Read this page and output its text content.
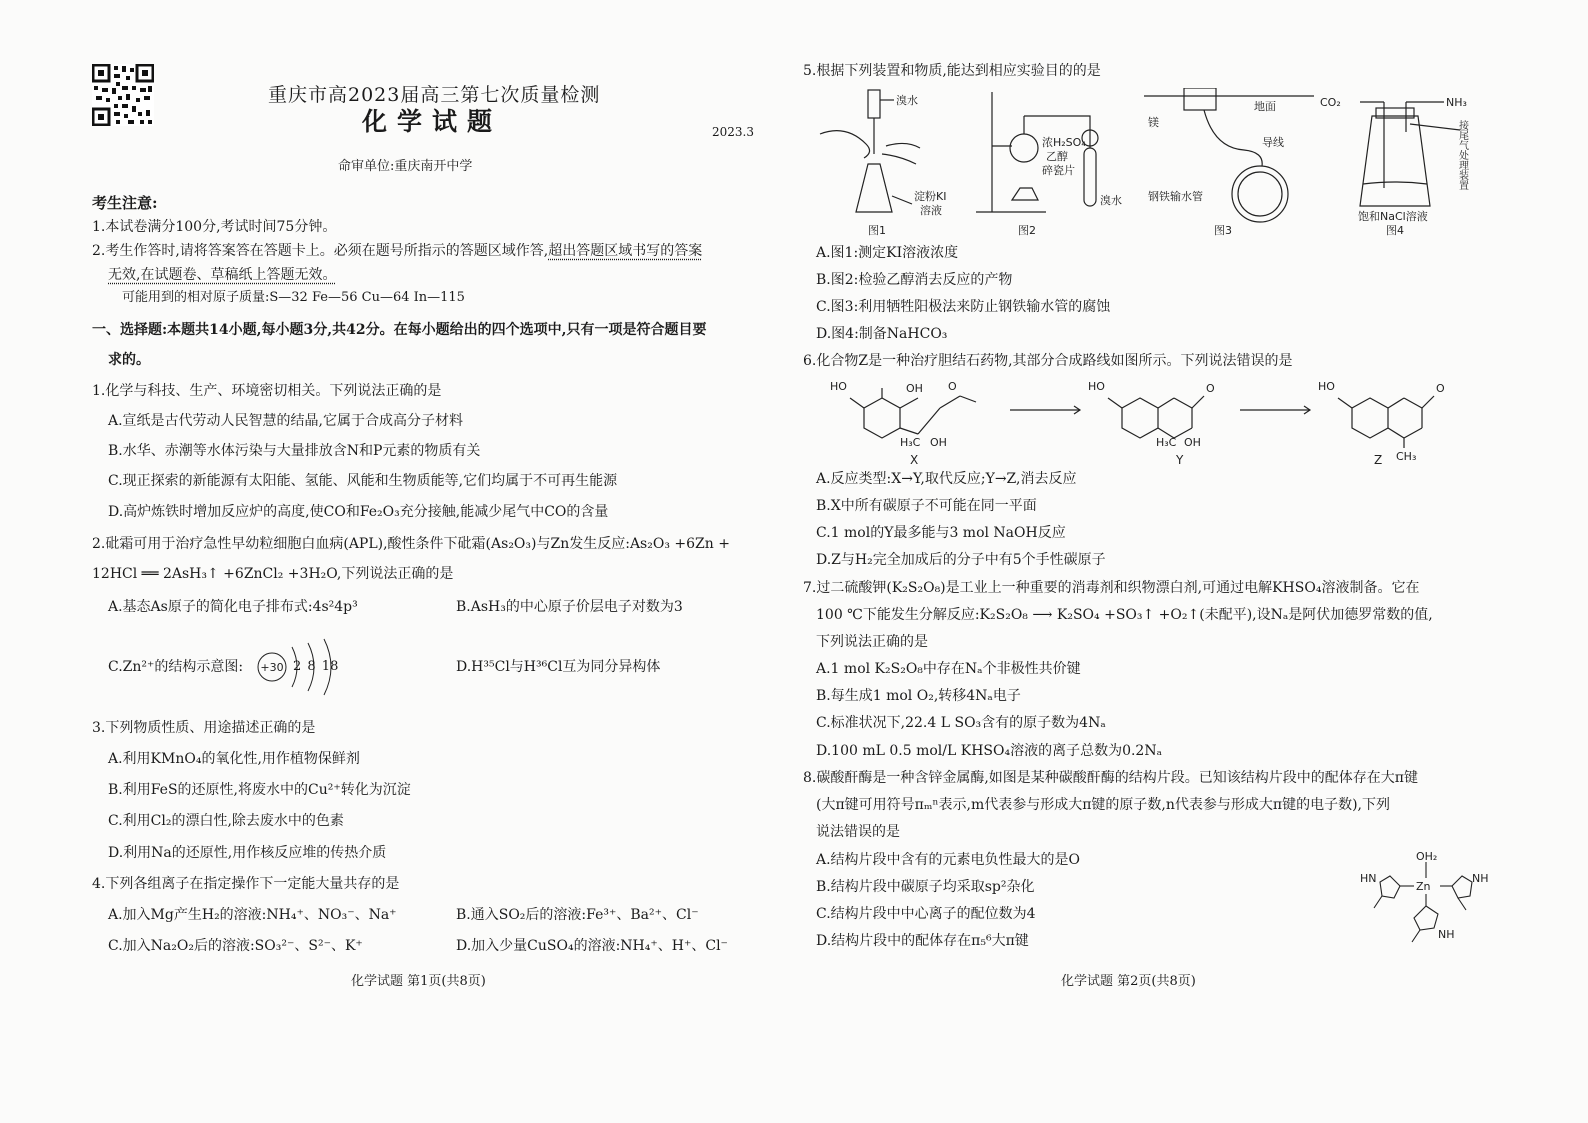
重庆市高2023届高三第七次质量检测
化学试题	2023.3
命审单位:重庆南开中学
考生注意:
1.本试卷满分100分,考试时间75分钟。
2.考生作答时,请将答案答在答题卡上。必须在题号所指示的答题区域作答,超出答题区域书写的答案
无效,在试题卷、草稿纸上答题无效。
可能用到的相对原子质量:S—32 Fe—56 Cu—64 In—115
一、选择题:本题共14小题,每小题3分,共42分。在每小题给出的四个选项中,只有一项是符合题目要
求的。
1.化学与科技、生产、环境密切相关。下列说法正确的是
A.宣纸是古代劳动人民智慧的结晶,它属于合成高分子材料
B.水华、赤潮等水体污染与大量排放含N和P元素的物质有关
C.现正探索的新能源有太阳能、氢能、风能和生物质能等,它们均属于不可再生能源
D.高炉炼铁时增加反应炉的高度,使CO和Fe₂O₃充分接触,能减少尾气中CO的含量
2.砒霜可用于治疗急性早幼粒细胞白血病(APL),酸性条件下砒霜(As₂O₃)与Zn发生反应:As₂O₃ +6Zn +
12HCl ══ 2AsH₃↑ +6ZnCl₂ +3H₂O,下列说法正确的是
A.基态As原子的简化电子排布式:4s²4p³	B.AsH₃的中心原子价层电子对数为3
C.Zn²⁺的结构示意图: +30 2 8 18	D.H³⁵Cl与H³⁶Cl互为同分异构体
3.下列物质性质、用途描述正确的是
A.利用KMnO₄的氧化性,用作植物保鲜剂
B.利用FeS的还原性,将废水中的Cu²⁺转化为沉淀
C.利用Cl₂的漂白性,除去废水中的色素
D.利用Na的还原性,用作核反应堆的传热介质
4.下列各组离子在指定操作下一定能大量共存的是
A.加入Mg产生H₂的溶液:NH₄⁺、NO₃⁻、Na⁺	B.通入SO₂后的溶液:Fe³⁺、Ba²⁺、Cl⁻
C.加入Na₂O₂后的溶液:SO₃²⁻、S²⁻、K⁺	D.加入少量CuSO₄的溶液:NH₄⁺、H⁺、Cl⁻
化学试题 第1页(共8页)
5.根据下列装置和物质,能达到相应实验目的的是
溴水
淀粉KI
溶液
图1
浓H₂SO₄
乙醇
碎瓷片
溴水
图2
地面
镁
导线
钢铁输水管
图3
CO₂	NH₃
接尾气处理装置
饱和NaCl溶液
图4
A.图1:测定KI溶液浓度
B.图2:检验乙醇消去反应的产物
C.图3:利用牺牲阳极法来防止钢铁输水管的腐蚀
D.图4:制备NaHCO₃
6.化合物Z是一种治疗胆结石药物,其部分合成路线如图所示。下列说法错误的是
HO	OH O
H₃C OH
X
HO	O
H₃C OH
Y
HO	O
CH₃
Z
A.反应类型:X→Y,取代反应;Y→Z,消去反应
B.X中所有碳原子不可能在同一平面
C.1 mol的Y最多能与3 mol NaOH反应
D.Z与H₂完全加成后的分子中有5个手性碳原子
7.过二硫酸钾(K₂S₂O₈)是工业上一种重要的消毒剂和织物漂白剂,可通过电解KHSO₄溶液制备。它在
100 ℃下能发生分解反应:K₂S₂O₈ ⟶ K₂SO₄ +SO₃↑ +O₂↑(未配平),设Nₐ是阿伏加德罗常数的值,
下列说法正确的是
A.1 mol K₂S₂O₈中存在Nₐ个非极性共价键
B.每生成1 mol O₂,转移4Nₐ电子
C.标准状况下,22.4 L SO₃含有的原子数为4Nₐ
D.100 mL 0.5 mol/L KHSO₄溶液的离子总数为0.2Nₐ
8.碳酸酐酶是一种含锌金属酶,如图是某种碳酸酐酶的结构片段。已知该结构片段中的配体存在大π键
(大π键可用符号πₘⁿ表示,m代表参与形成大π键的原子数,n代表参与形成大π键的电子数),下列
说法错误的是
A.结构片段中含有的元素电负性最大的是O
B.结构片段中碳原子均采取sp²杂化
C.结构片段中中心离子的配位数为4
D.结构片段中的配体存在π₅⁶大π键
OH₂
Zn
HN	NH
NH
化学试题 第2页(共8页)
